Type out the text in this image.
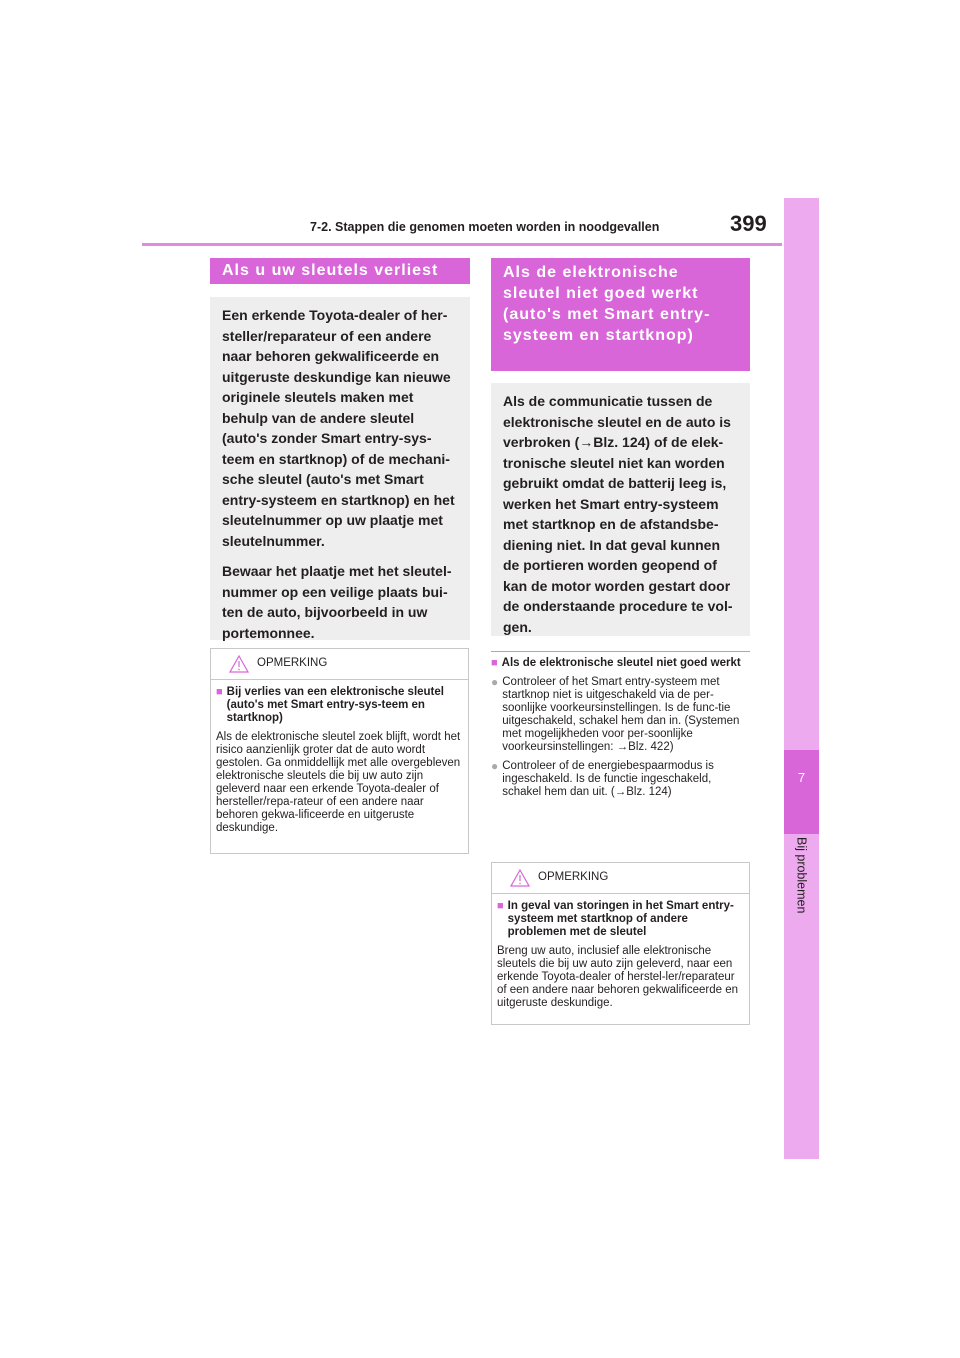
7-2. Stappen die genomen moeten worden in noodgevallen	399
7
Bij problemen
Als u uw sleutels verliest

Een erkende Toyota-dealer of her-steller/reparateur of een andere naar behoren gekwalificeerde en uitgeruste deskundige kan nieuwe originele sleutels maken met behulp van de andere sleutel (auto's zonder Smart entry-sys-teem en startknop) of de mechani-sche sleutel (auto's met Smart entry-systeem en startknop) en het sleutelnummer op uw plaatje met sleutelnummer.

Bewaar het plaatje met het sleutel-nummer op een veilige plaats bui-ten de auto, bijvoorbeeld in uw portemonnee.

OPMERKING
■ Bij verlies van een elektronische sleutel (auto's met Smart entry-sys-teem en startknop)

Als de elektronische sleutel zoek blijft, wordt het risico aanzienlijk groter dat de auto wordt gestolen. Ga onmiddellijk met alle overgebleven elektronische sleutels die bij uw auto zijn geleverd naar een erkende Toyota-dealer of hersteller/repa-rateur of een andere naar behoren gekwa-lificeerde en uitgeruste deskundige.

Als de elektronische sleutel niet goed werkt (auto's met Smart entry-systeem en startknop)

Als de communicatie tussen de elektronische sleutel en de auto is verbroken (→Blz. 124) of de elek-tronische sleutel niet kan worden gebruikt omdat de batterij leeg is, werken het Smart entry-systeem met startknop en de afstandsbe-diening niet. In dat geval kunnen de portieren worden geopend of kan de motor worden gestart door de onderstaande procedure te vol-gen.

■ Als de elektronische sleutel niet goed werkt
● Controleer of het Smart entry-systeem met startknop niet is uitgeschakeld via de per-soonlijke voorkeursinstellingen. Is de func-tie uitgeschakeld, schakel hem dan in. (Systemen met mogelijkheden voor per-soonlijke voorkeursinstellingen: →Blz. 422)
● Controleer of de energiebespaarmodus is ingeschakeld. Is de functie ingeschakeld, schakel hem dan uit. (→Blz. 124)
OPMERKING
■ In geval van storingen in het Smart entry-systeem met startknop of andere problemen met de sleutel

Breng uw auto, inclusief alle elektronische sleutels die bij uw auto zijn geleverd, naar een erkende Toyota-dealer of herstel-ler/reparateur of een andere naar behoren gekwalificeerde en uitgeruste deskundige.
